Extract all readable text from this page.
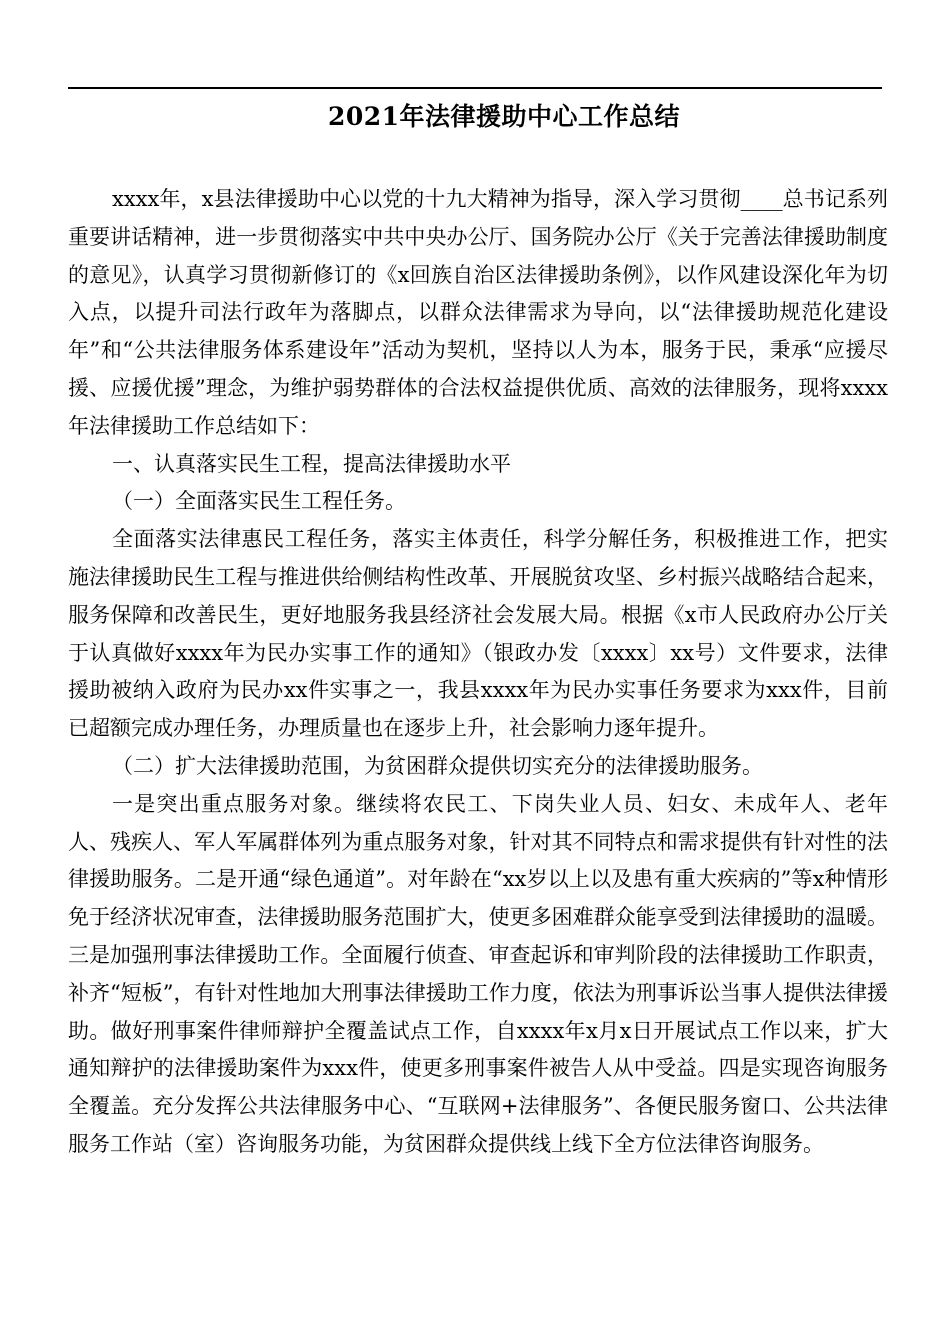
2021年法律援助中心工作总结

xxxx年，x县法律援助中心以党的十九大精神为指导，深入学习贯彻____总书记系列重要讲话精神，进一步贯彻落实中共中央办公厅、国务院办公厅《关于完善法律援助制度的意见》，认真学习贯彻新修订的《x回族自治区法律援助条例》，以作风建设深化年为切入点，以提升司法行政年为落脚点，以群众法律需求为导向，以“法律援助规范化建设年”和“公共法律服务体系建设年”活动为契机，坚持以人为本，服务于民，秉承“应援尽援、应援优援”理念，为维护弱势群体的合法权益提供优质、高效的法律服务，现将xxxx年法律援助工作总结如下：

一、认真落实民生工程，提高法律援助水平

（一）全面落实民生工程任务。

全面落实法律惠民工程任务，落实主体责任，科学分解任务，积极推进工作，把实施法律援助民生工程与推进供给侧结构性改革、开展脱贫攻坚、乡村振兴战略结合起来，服务保障和改善民生，更好地服务我县经济社会发展大局。根据《x市人民政府办公厅关于认真做好xxxx年为民办实事工作的通知》（银政办发〔xxxx〕xx号）文件要求，法律援助被纳入政府为民办xx件实事之一，我县xxxx年为民办实事任务要求为xxx件，目前已超额完成办理任务，办理质量也在逐步上升，社会影响力逐年提升。

（二）扩大法律援助范围，为贫困群众提供切实充分的法律援助服务。

一是突出重点服务对象。继续将农民工、下岗失业人员、妇女、未成年人、老年人、残疾人、军人军属群体列为重点服务对象，针对其不同特点和需求提供有针对性的法律援助服务。二是开通“绿色通道”。对年龄在“xx岁以上以及患有重大疾病的”等x种情形免于经济状况审查，法律援助服务范围扩大，使更多困难群众能享受到法律援助的温暖。三是加强刑事法律援助工作。全面履行侦查、审查起诉和审判阶段的法律援助工作职责，补齐“短板”，有针对性地加大刑事法律援助工作力度，依法为刑事诉讼当事人提供法律援助。做好刑事案件律师辩护全覆盖试点工作，自xxxx年x月x日开展试点工作以来，扩大通知辩护的法律援助案件为xxx件，使更多刑事案件被告人从中受益。四是实现咨询服务全覆盖。充分发挥公共法律服务中心、“互联网+法律服务”、各便民服务窗口、公共法律服务工作站（室）咨询服务功能，为贫困群众提供线上线下全方位法律咨询服务。
